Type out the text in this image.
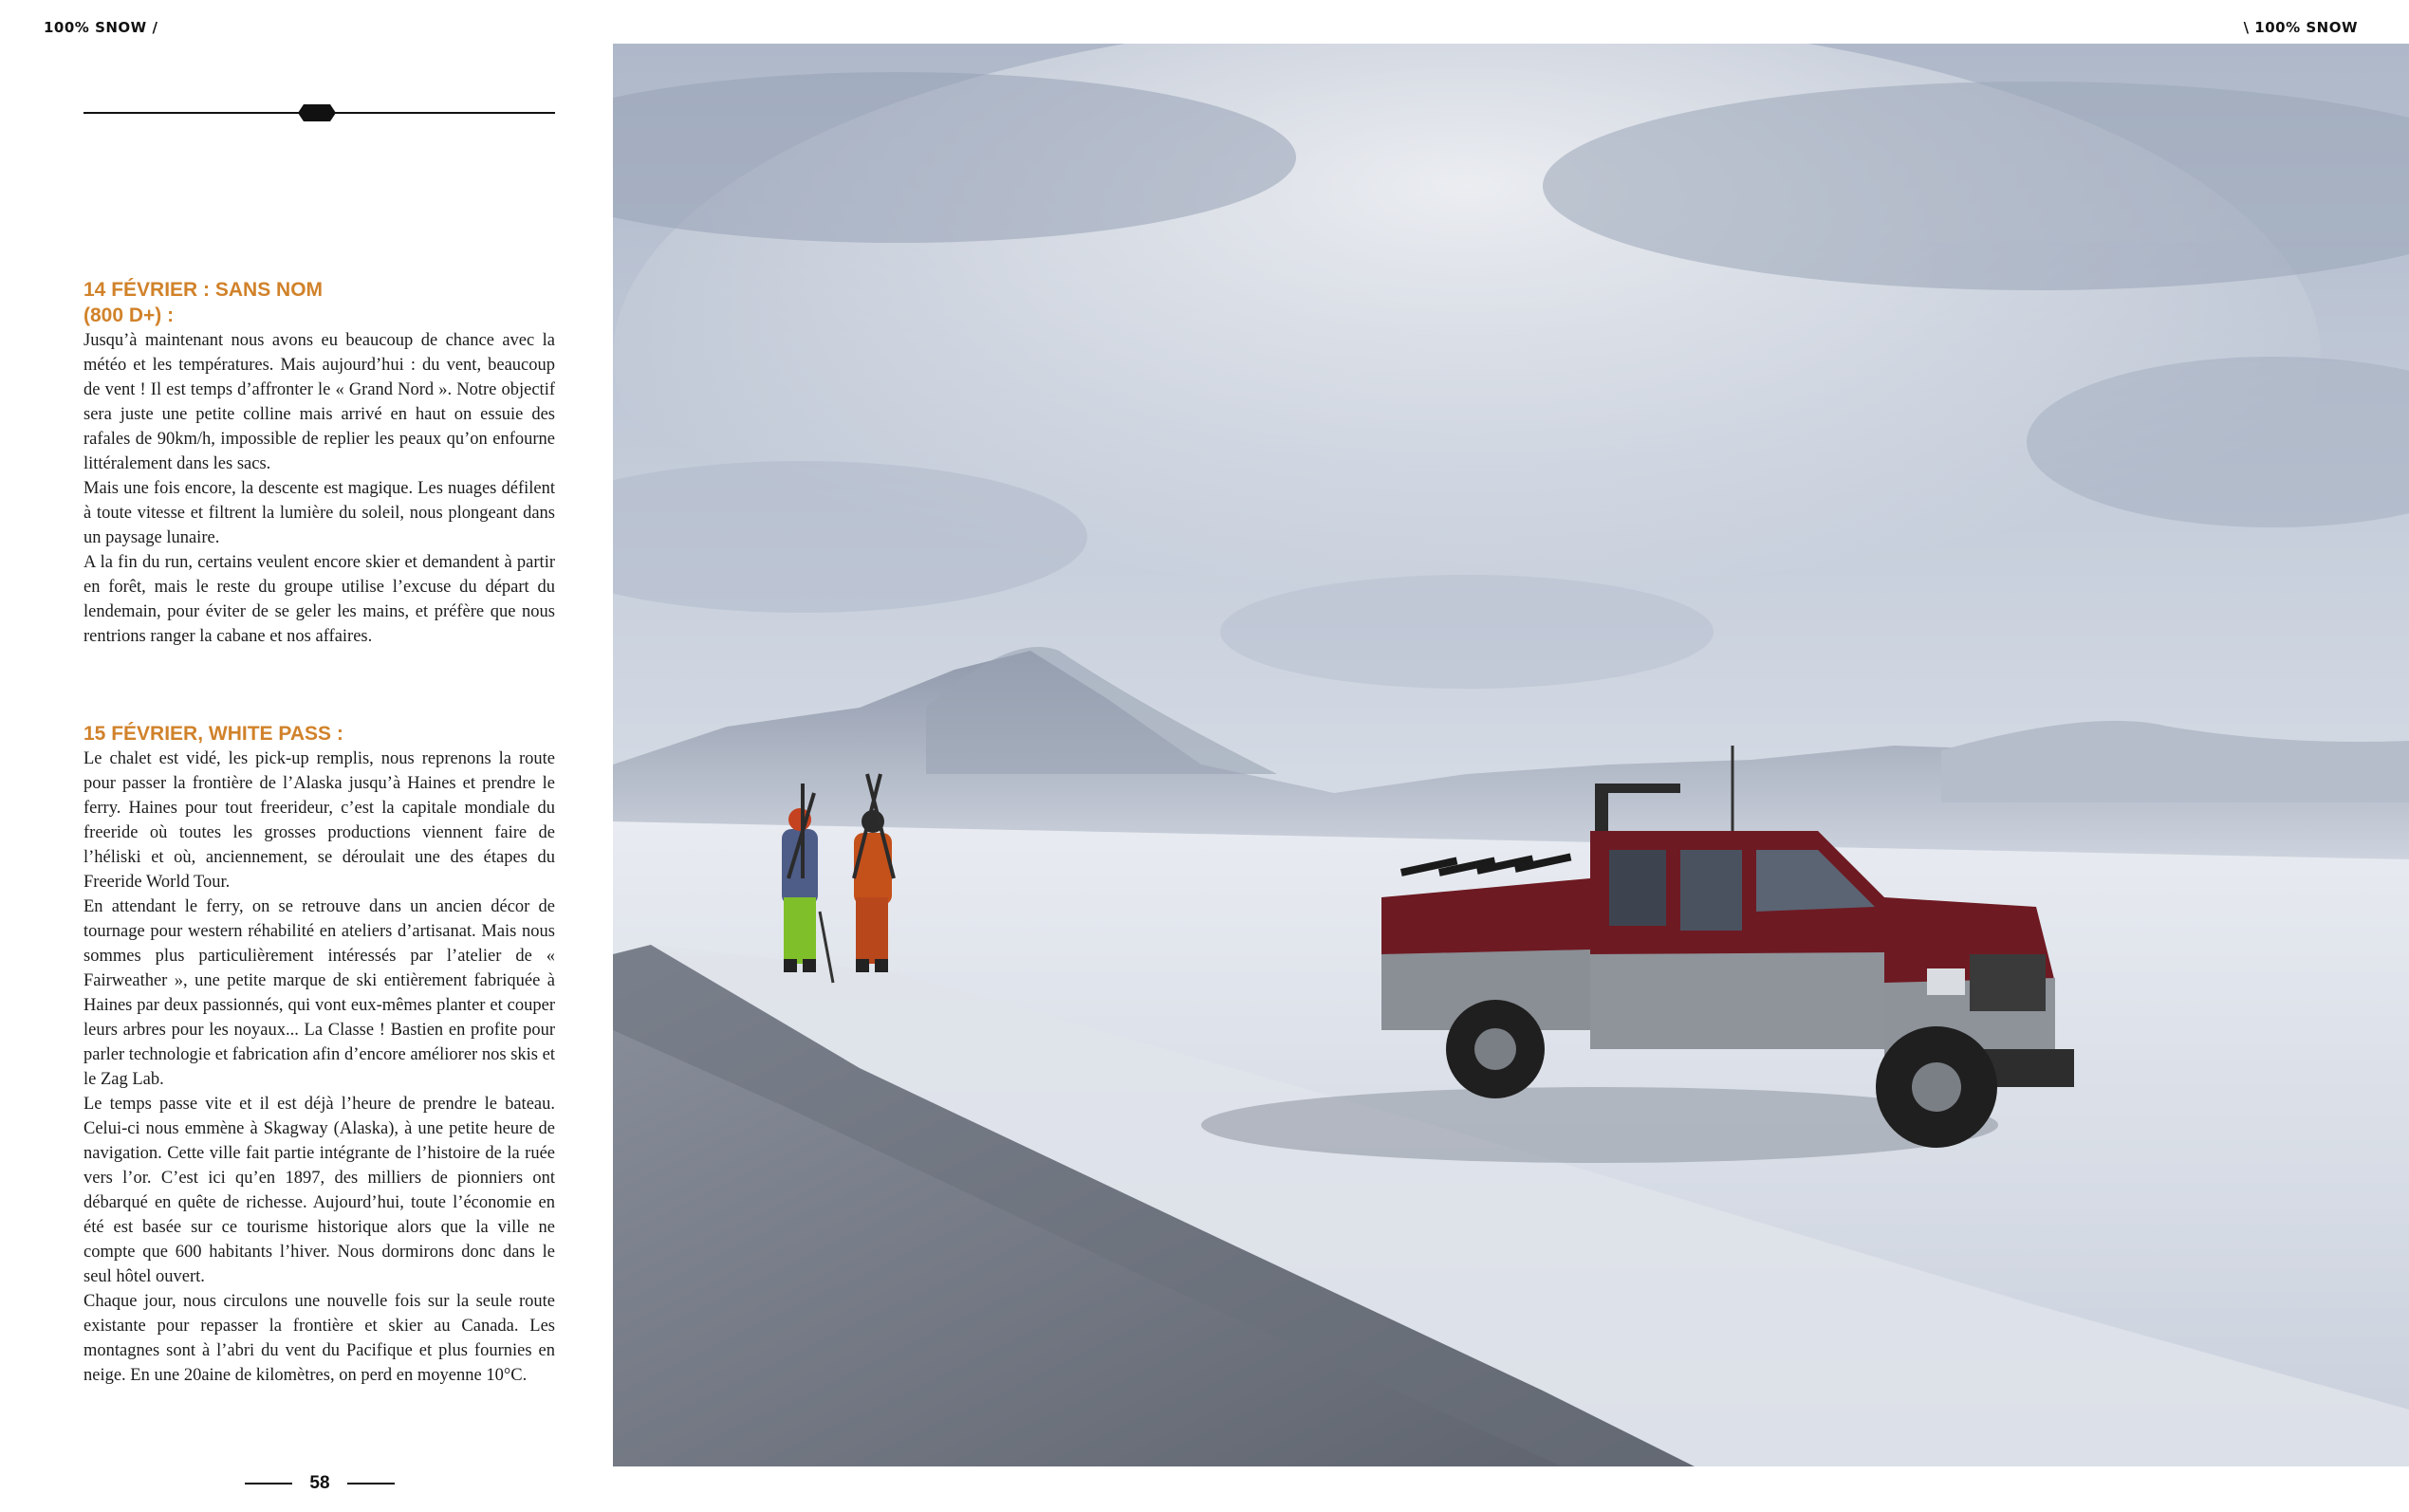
100% SNOW /	\ 100% SNOW
14 FÉVRIER : SANS NOM
(800 D+) :

Jusqu’à maintenant nous avons eu beaucoup de chance avec la météo et les températures. Mais aujourd’hui : du vent, beaucoup de vent ! Il est temps d’affronter le « Grand Nord ». Notre objectif sera juste une petite colline mais arrivé en haut on essuie des rafales de 90km/h, impossible de replier les peaux qu’on enfourne littéralement dans les sacs.

Mais une fois encore, la descente est magique. Les nuages défilent à toute vitesse et filtrent la lumière du soleil, nous plongeant dans un paysage lunaire.

A la fin du run, certains veulent encore skier et demandent à partir en forêt, mais le reste du groupe utilise l’excuse du départ du lendemain, pour éviter de se geler les mains, et préfère que nous rentrions ranger la cabane et nos affaires.

15 FÉVRIER, WHITE PASS :

Le chalet est vidé, les pick-up remplis, nous reprenons la route pour passer la frontière de l’Alaska jusqu’à Haines et prendre le ferry. Haines pour tout freerideur, c’est la capitale mondiale du freeride où toutes les grosses productions viennent faire de l’héliski et où, anciennement, se déroulait une des étapes du Freeride World Tour.

En attendant le ferry, on se retrouve dans un ancien décor de tournage pour western réhabilité en ateliers d’artisanat. Mais nous sommes plus particulièrement intéressés par l’atelier de « Fairweather », une petite marque de ski entièrement fabriquée à Haines par deux passionnés, qui vont eux-mêmes planter et couper leurs arbres pour les noyaux... La Classe ! Bastien en profite pour parler technologie et fabrication afin d’encore améliorer nos skis et le Zag Lab.

Le temps passe vite et il est déjà l’heure de prendre le bateau. Celui-ci nous emmène à Skagway (Alaska), à une petite heure de navigation. Cette ville fait partie intégrante de l’histoire de la ruée vers l’or. C’est ici qu’en 1897, des milliers de pionniers ont débarqué en quête de richesse. Aujourd’hui, toute l’économie en été est basée sur ce tourisme historique alors que la ville ne compte que 600 habitants l’hiver. Nous dormirons donc dans le seul hôtel ouvert.

Chaque jour, nous circulons une nouvelle fois sur la seule route existante pour repasser la frontière et skier au Canada. Les montagnes sont à l’abri du vent du Pacifique et plus fournies en neige. En une 20aine de kilomètres, on perd en moyenne 10°C.

58
